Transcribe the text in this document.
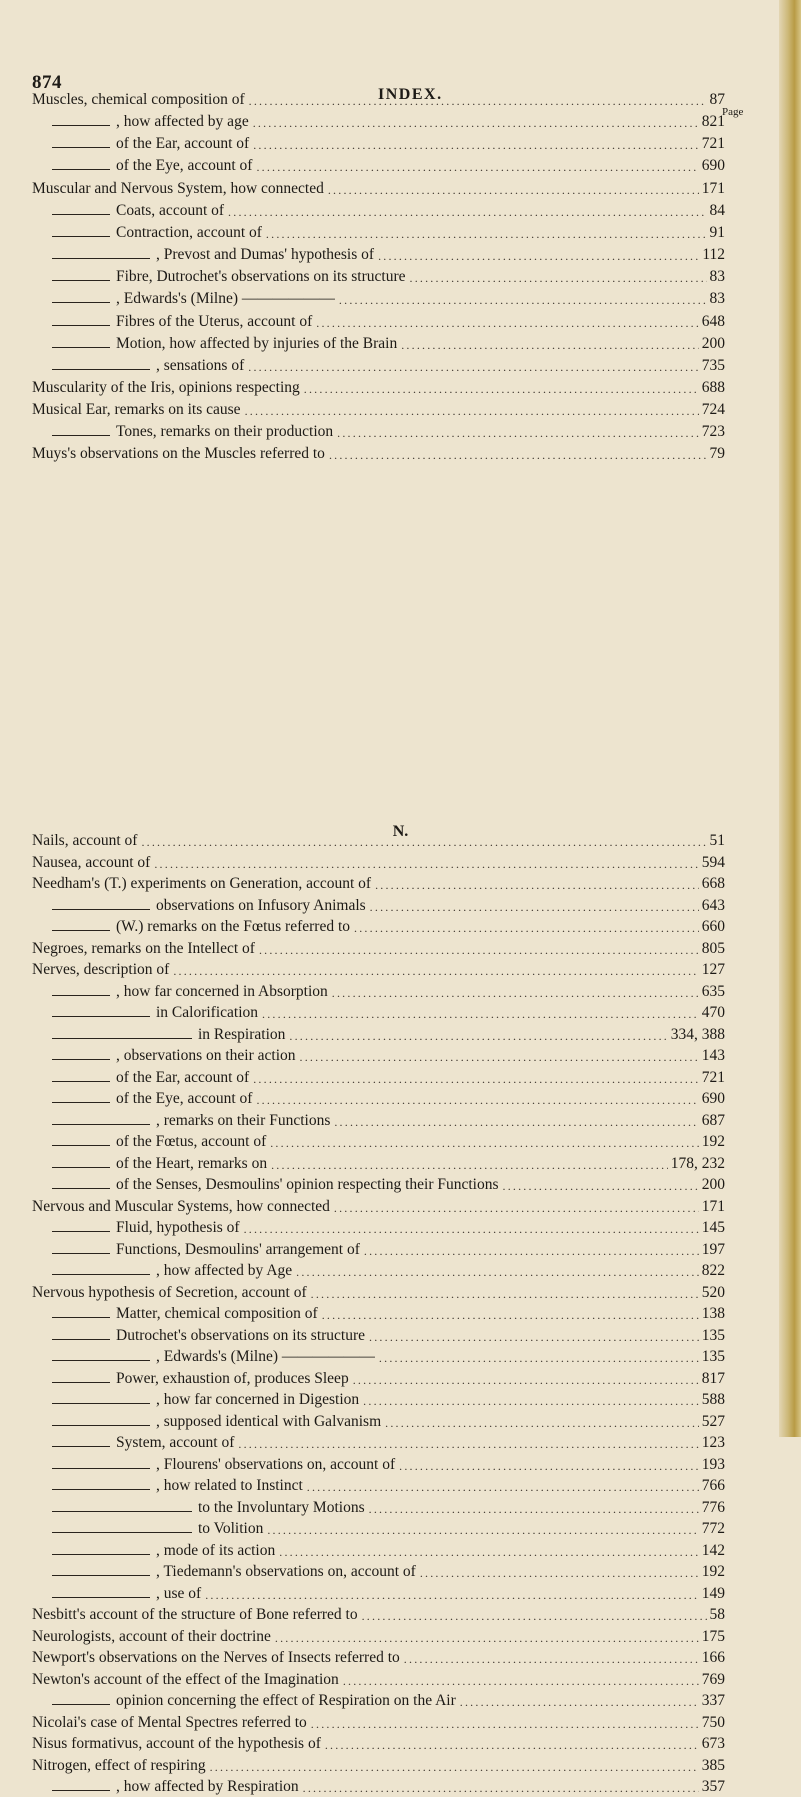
874
INDEX.
Page
N.
Muscles, chemical composition of .....	87
, how affected by age .....	821
of the Ear, account of .....	721
of the Eye, account of .....	690
Muscular and Nervous System, how connected .....	171
Coats, account of .....	84
Contraction, account of .....	91
, Prevost and Dumas' hypothesis of .....	112
Fibre, Dutrochet's observations on its structure .....	83
, Edwards's (Milne) —————— .....	83
Fibres of the Uterus, account of .....	648
Motion, how affected by injuries of the Brain .....	200
, sensations of .....	735
Muscularity of the Iris, opinions respecting .....	688
Musical Ear, remarks on its cause .....	724
Tones, remarks on their production .....	723
Muys's observations on the Muscles referred to .....	79
Nails, account of .....	51
Nausea, account of .....	594
Needham's (T.) experiments on Generation, account of .....	668
observations on Infusory Animals .....	643
(W.) remarks on the Fœtus referred to .....	660
Negroes, remarks on the Intellect of .....	805
Nerves, description of .....	127
, how far concerned in Absorption .....	635
in Calorification .....	470
in Respiration .....	334, 388
, observations on their action .....	143
of the Ear, account of .....	721
of the Eye, account of .....	690
, remarks on their Functions .....	687
of the Fœtus, account of .....	192
of the Heart, remarks on .....	178, 232
of the Senses, Desmoulins' opinion respecting their Functions .....	200
Nervous and Muscular Systems, how connected .....	171
Fluid, hypothesis of .....	145
Functions, Desmoulins' arrangement of .....	197
, how affected by Age .....	822
Nervous hypothesis of Secretion, account of .....	520
Matter, chemical composition of .....	138
Dutrochet's observations on its structure .....	135
, Edwards's (Milne) —————— .....	135
Power, exhaustion of, produces Sleep .....	817
, how far concerned in Digestion .....	588
, supposed identical with Galvanism .....	527
System, account of .....	123
, Flourens' observations on, account of .....	193
, how related to Instinct .....	766
to the Involuntary Motions .....	776
to Volition .....	772
, mode of its action .....	142
, Tiedemann's observations on, account of .....	192
, use of .....	149
Nesbitt's account of the structure of Bone referred to .....	58
Neurologists, account of their doctrine .....	175
Newport's observations on the Nerves of Insects referred to .....	166
Newton's account of the effect of the Imagination .....	769
opinion concerning the effect of Respiration on the Air .....	337
Nicolai's case of Mental Spectres referred to .....	750
Nisus formativus, account of the hypothesis of .....	673
Nitrogen, effect of respiring .....	385
, how affected by Respiration .....	357
